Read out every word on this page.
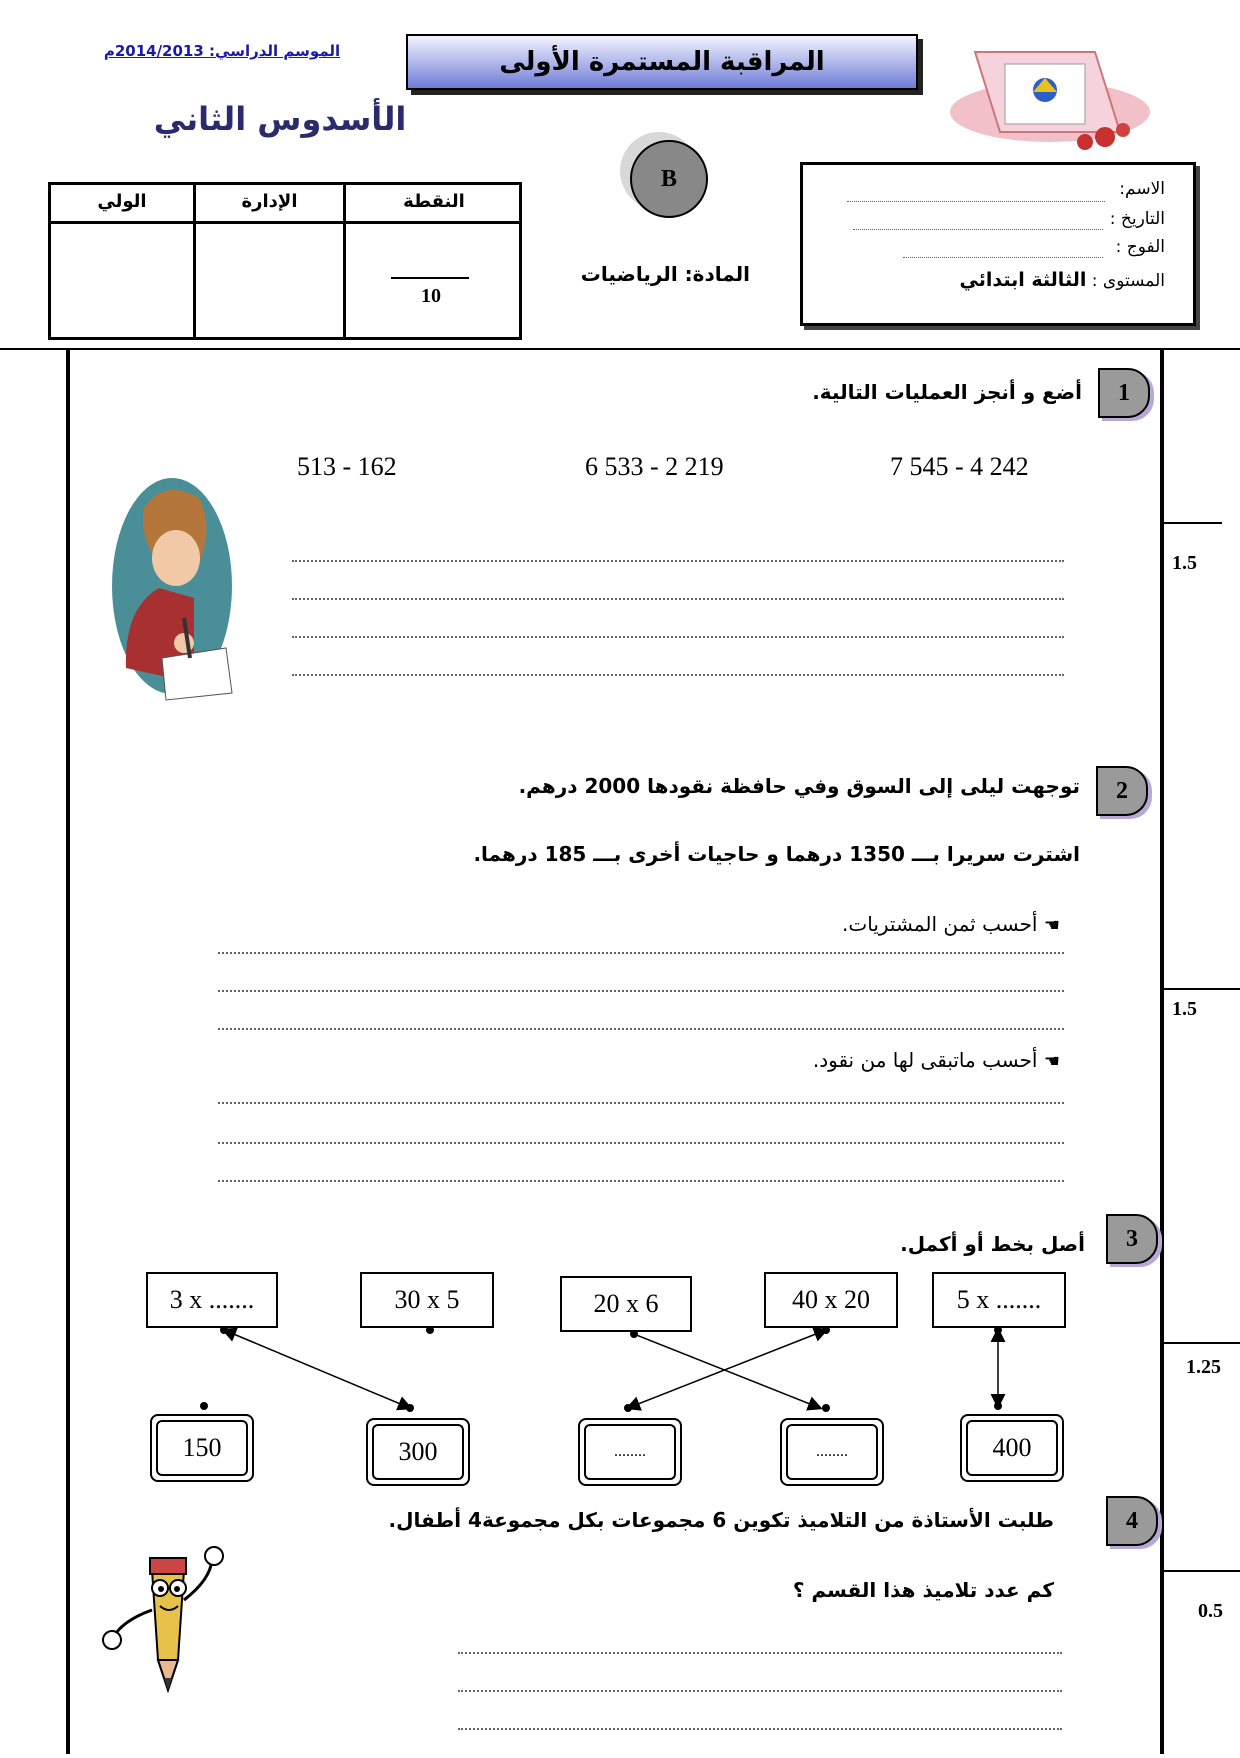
الموسم الدراسي: 2014/2013م	المراقبة المستمرة الأولى
الأسدوس الثاني
الولي	الإدارة	النقطة
10
B
المادة: الرياضيات
الاسم:
التاريخ :
الفوج :
المستوى : الثالثة ابتدائي
1
أضع و أنجز العمليات التالية.
7 545 - 4 242
6 533 - 2 219
513 - 162
1.5
2
توجهت ليلى إلى السوق وفي حافظة نقودها 2000 درهم.
اشترت سريرا بـــ 1350 درهما و حاجيات أخرى بـــ 185 درهما.
☚ أحسب ثمن المشتريات.
☚ أحسب ماتبقى لها من نقود.
1.5
3
أصل بخط أو أكمل.
3 x .......	30 x 5	20 x 6	40 x 20	5 x .......
150	300	........	........	400
1.25
4
طلبت الأستاذة من التلاميذ تكوين 6 مجموعات بكل مجموعة4 أطفال.
كم عدد تلاميذ هذا القسم ؟
0.5
